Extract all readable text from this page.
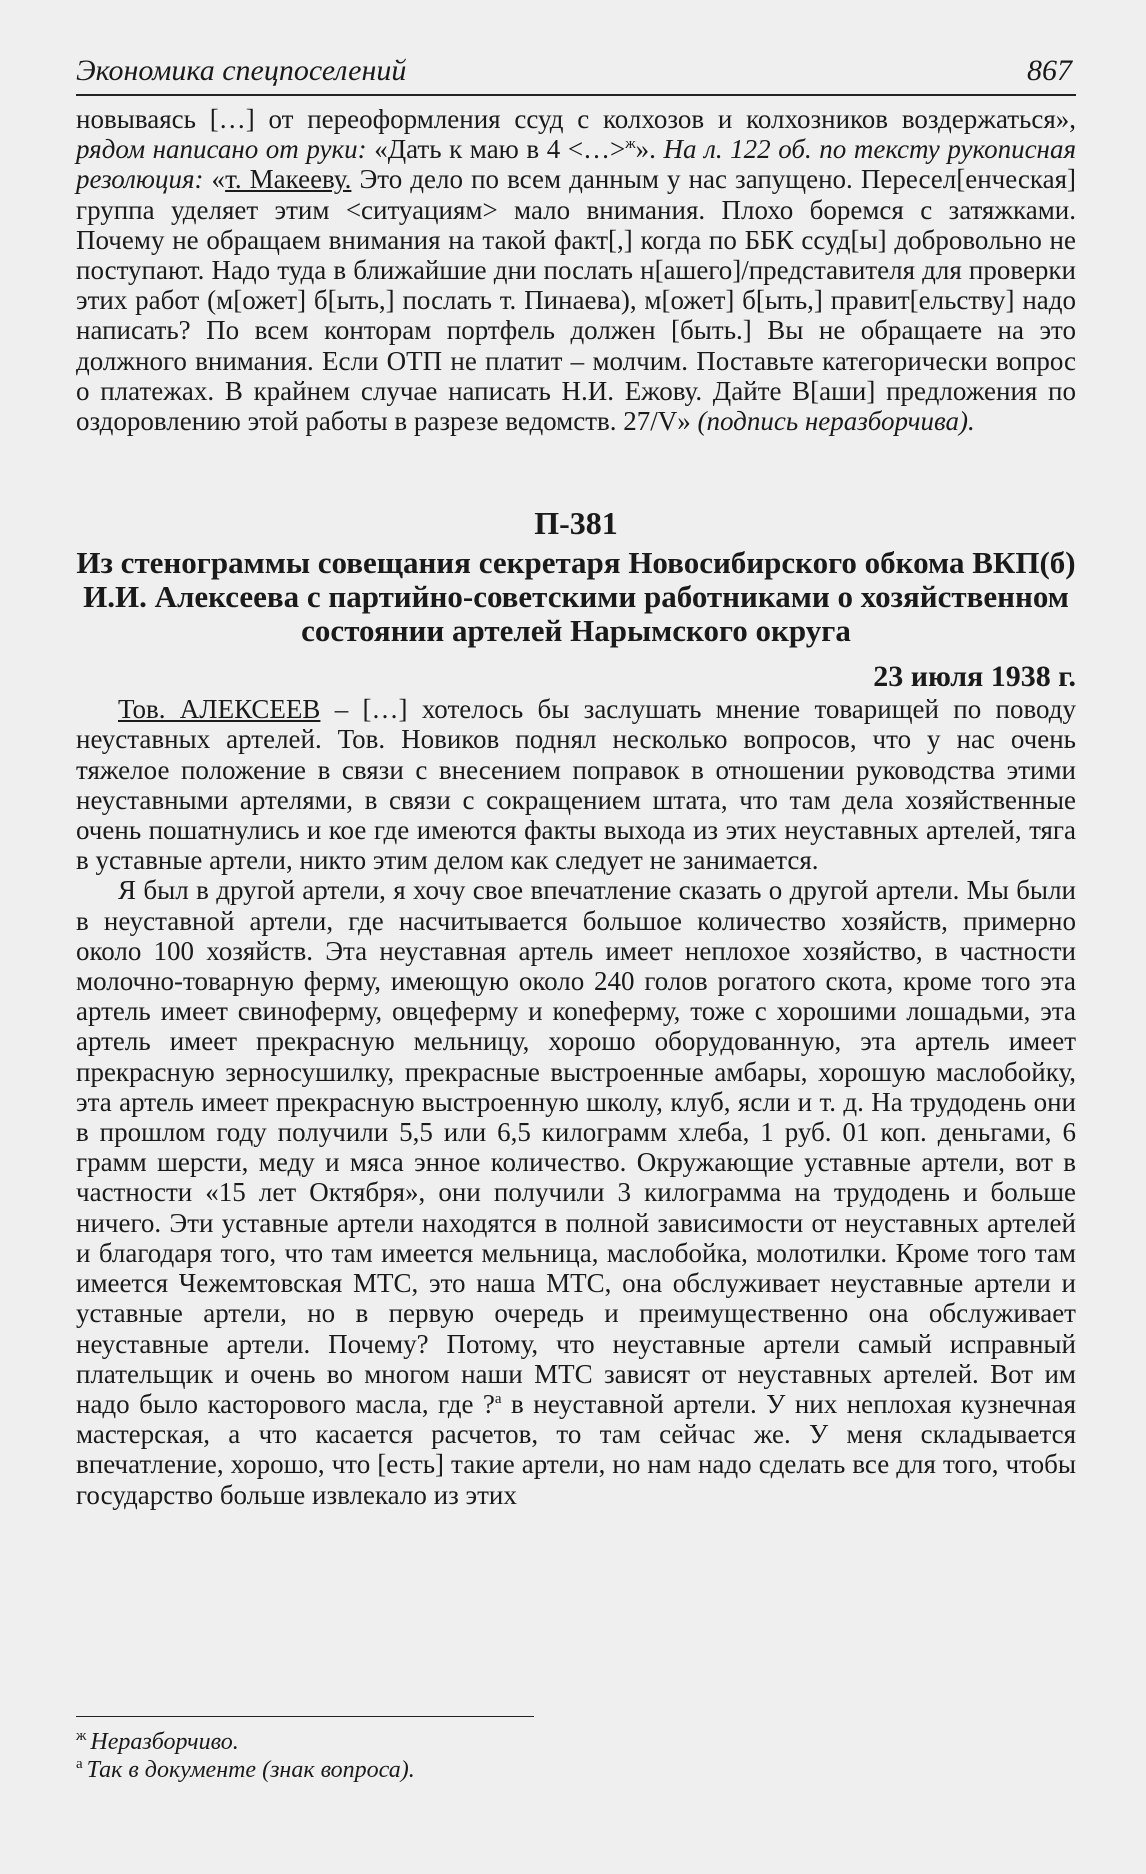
Экономика спецпоселений	867

новываясь […] от переоформления ссуд с колхозов и колхозников воздержаться», рядом написано от руки: «Дать к маю в 4 <…>$^ж$». На л. 122 об. по тексту рукописная резолюция: «т. Макееву. Это дело по всем данным у нас запущено. Пересел[енческая] группа уделяет этим <ситуациям> мало внимания. Плохо боремся с затяжками. Почему не обращаем внимания на такой факт[,] когда по ББК ссуд[ы] добровольно не поступают. Надо туда в ближайшие дни послать н[ашего]/представителя для проверки этих работ (м[ожет] б[ыть,] послать т. Пинаева), м[ожет] б[ыть,] правит[ельству] надо написать? По всем конторам портфель должен [быть.] Вы не обращаете на это должного внимания. Если ОТП не платит – молчим. Поставьте категорически вопрос о платежах. В крайнем случае написать Н.И. Ежову. Дайте В[аши] предложения по оздоровлению этой работы в разрезе ведомств. 27/V» (подпись неразборчива).

П-381
Из стенограммы совещания секретаря Новосибирского обкома ВКП(б) И.И. Алексеева с партийно-советскими работниками о хозяйственном состоянии артелей Нарымского округа
23 июля 1938 г.

Тов. АЛЕКСЕЕВ – […] хотелось бы заслушать мнение товарищей по поводу неуставных артелей. Тов. Новиков поднял несколько вопросов, что у нас очень тяжелое положение в связи с внесением поправок в отношении руководства этими неуставными артелями, в связи с сокращением штата, что там дела хозяйственные очень пошатнулись и кое где имеются факты выхода из этих неуставных артелей, тяга в уставные артели, никто этим делом как следует не занимается.

Я был в другой артели, я хочу свое впечатление сказать о другой артели. Мы были в неуставной артели, где насчитывается большое количество хозяйств, примерно около 100 хозяйств. Эта неуставная артель имеет неплохое хозяйство, в частности молочно-товарную ферму, имеющую около 240 голов рогатого скота, кроме того эта артель имеет свиноферму, овцеферму и коneферму, тоже с хорошими лошадьми, эта артель имеет прекрасную мельницу, хорошо оборудованную, эта артель имеет прекрасную зерносушилку, прекрасные выстроенные амбары, хорошую маслобойку, эта артель имеет прекрасную выстроенную школу, клуб, ясли и т. д. На трудодень они в прошлом году получили 5,5 или 6,5 килограмм хлеба, 1 руб. 01 коп. деньгами, 6 грамм шерсти, меду и мяса энное количество. Окружающие уставные артели, вот в частности «15 лет Октября», они получили 3 килограмма на трудодень и больше ничего. Эти уставные артели находятся в полной зависимости от неуставных артелей и благодаря того, что там имеется мельница, маслобойка, молотилки. Кроме того там имеется Чежемтовская МТС, это наша МТС, она обслуживает неуставные артели и уставные артели, но в первую очередь и преимущественно она обслуживает неуставные артели. Почему? Потому, что неуставные артели самый исправный плательщик и очень во многом наши МТС зависят от неуставных артелей. Вот им надо было касторового масла, где ?$^а$ в неуставной артели. У них неплохая кузнечная мастерская, а что касается расчетов, то там сейчас же. У меня складывается впечатление, хорошо, что [есть] такие артели, но нам надо сделать все для того, чтобы государство больше извлекало из этих

$^ж$ Неразборчиво.

$^а$ Так в документе (знак вопроса).
